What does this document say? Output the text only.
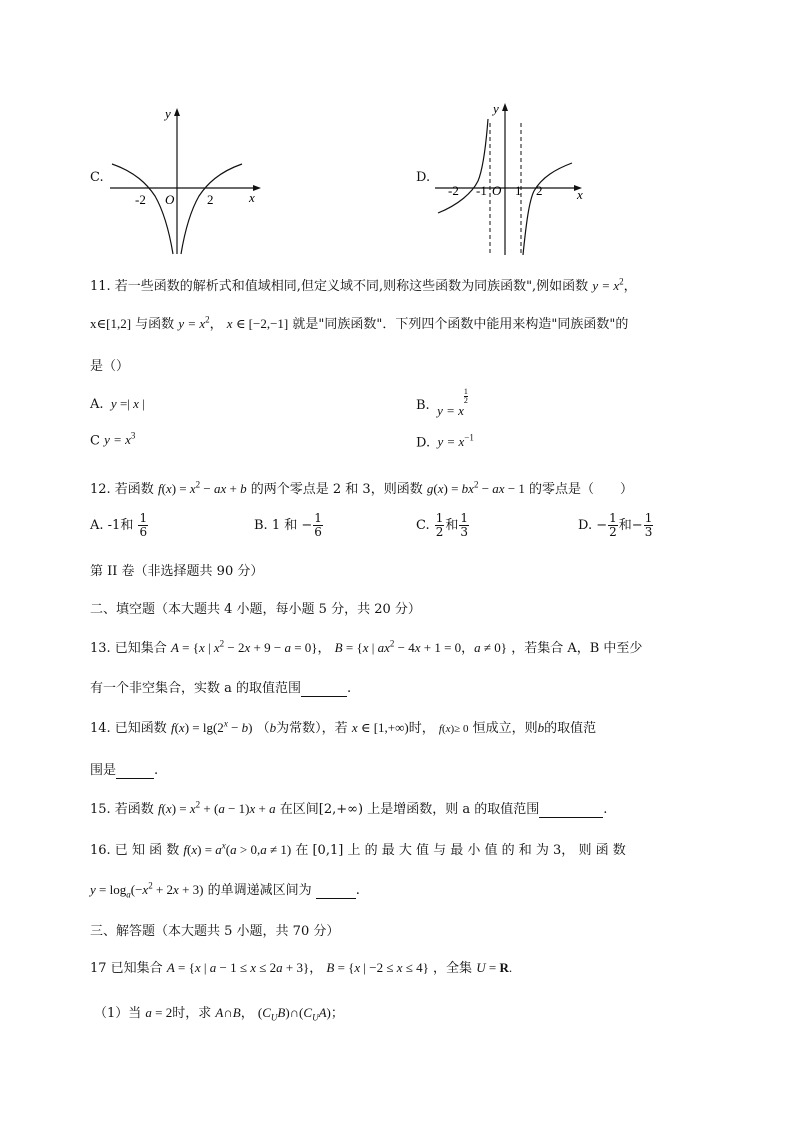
-2 O	2	x
y
C.
-2 -1 O 1 2	x
y
D.
11. 若一些函数的解析式和值域相同,但定义域不同,则称这些函数为同族函数",例如函数 $y = x^2$，
x∈[1,2] 与函数 $y = x^2$， x ∈ [−2,−1] 就是"同族函数"．下列四个函数中能用来构造"同族函数"的
是（）
A.  y =| x |	B.  y = x
$\frac{1}{2}$
C $y = x^3$	D.  $y = x^{-1}$
12. 若函数 $f(x) = x^2$ − ax + b 的两个零点是 2 和 3，则函数 $g(x) = bx^2$ − ax − 1 的零点是（　　）
A. -1和 $\frac{1}{6}$	B. 1 和 − $\frac{1}{6}$	C. $\frac{1}{2}$ 和 $\frac{1}{3}$	D. − $\frac{1}{2}$ 和− $\frac{1}{3}$
第 II 卷（非选择题共 90 分）
二、填空题（本大题共 4 小题，每小题 5 分，共 20 分）
13. 已知集合 A = {x | $x^2 - 2x + 9 - a = 0$}， B = {x | $ax^2 - 4x + 1 = 0$，a ≠ 0} ，若集合 A，B 中至少
有一个非空集合，实数 a 的取值范围	.
14. 已知函数 $f(x) = \lg(2^x - b)$ （b为常数），若 x ∈ [1,+∞)时， f(x)≥ 0 恒成立，则b的取值范
围是	.
15. 若函数 $f(x) = x^2 + (a - 1)x + a$ 在区间[2,+∞) 上是增函数，则 a 的取值范围	.
16. 已 知 函 数 $f(x) = a^x(a > 0,a \ne 1)$ 在 [0,1] 上 的 最 大 值 与 最 小 值 的 和 为 3， 则 函 数
$y = \log_a(-x^2 + 2x + 3)$ 的单调递减区间为	.
三、解答题（本大题共 5 小题，共 70 分）
17 已知集合 A = {x | a − 1 ≤ x ≤ 2a + 3}， B = {x | −2 ≤ x ≤ 4} ，全集 U = R.
（1）当 a = 2时，求 A∩B， $(C_UB)\cap(C_UA)$；
